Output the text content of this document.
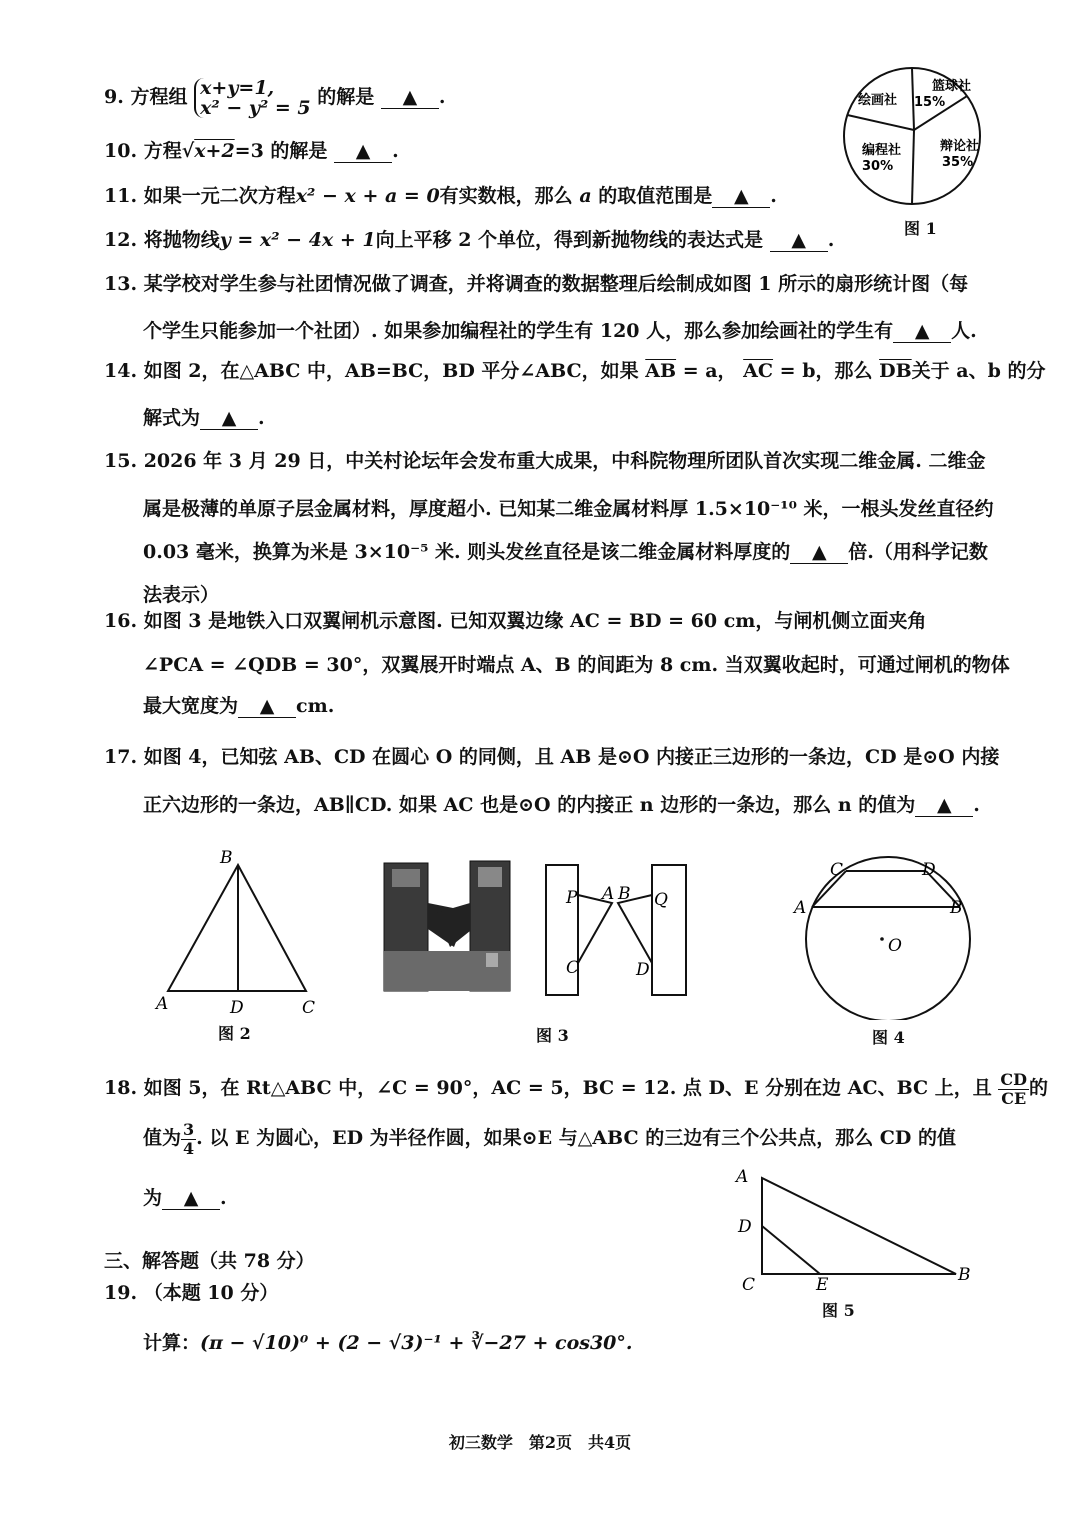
9. 方程组 x+y=1,
x² − y² = 5 的解是 ▲ .
10. 方程√x+2=3 的解是 ▲ .
11. 如果一元二次方程x² − x + a = 0有实数根，那么 a 的取值范围是 ▲ .
12. 将抛物线y = x² − 4x + 1向上平移 2 个单位，得到新抛物线的表达式是 ▲ .
篮球社
15%
辩论社
35%
编程社
30%
绘画社
图 1
13. 某学校对学生参与社团情况做了调查，并将调查的数据整理后绘制成如图 1 所示的扇形统计图（每
个学生只能参加一个社团）. 如果参加编程社的学生有 120 人，那么参加绘画社的学生有 ▲ 人.
14. 如图 2，在△ABC 中，AB=BC，BD 平分∠ABC，如果 $\overline{AB} = a$， $\overline{AC} = b$，那么 $\overline{DB}$关于 a、b 的分
解式为 ▲ .
15. 2026 年 3 月 29 日，中关村论坛年会发布重大成果，中科院物理所团队首次实现二维金属. 二维金
属是极薄的单原子层金属材料，厚度超小. 已知某二维金属材料厚 1.5×10⁻¹⁰ 米，一根头发丝直径约
0.03 毫米，换算为米是 3×10⁻⁵ 米. 则头发丝直径是该二维金属材料厚度的 ▲ 倍.（用科学记数
法表示）
16. 如图 3 是地铁入口双翼闸机示意图. 已知双翼边缘 AC = BD = 60 cm，与闸机侧立面夹角
∠PCA = ∠QDB = 30°，双翼展开时端点 A、B 的间距为 8 cm. 当双翼收起时，可通过闸机的物体
最大宽度为 ▲ cm.
17. 如图 4，已知弦 AB、CD 在圆心 O 的同侧，且 AB 是⊙O 内接正三边形的一条边，CD 是⊙O 内接
正六边形的一条边，AB∥CD. 如果 AC 也是⊙O 的内接正 n 边形的一条边，那么 n 的值为 ▲ .
B
A	D	C
图 2
P A B Q
C	D
图 3
O
C	D
A	B
图 4
18. 如图 5，在 Rt△ABC 中，∠C = 90°，AC = 5，BC = 12. 点 D、E 分别在边 AC、BC 上，且 $\frac{CD}{CE}$ 的
值为 $\frac{3}{4}$ . 以 E 为圆心，ED 为半径作圆，如果⊙E 与△ABC 的三边有三个公共点，那么 CD 的值
为 ▲ .
A
D
C	E	B
图 5
三、解答题（共 78 分）
19. （本题 10 分）
计算：(π − √10)⁰ + (2 − √3)⁻¹ + ∛−27 + cos30°.
初三数学　第2页　共4页
